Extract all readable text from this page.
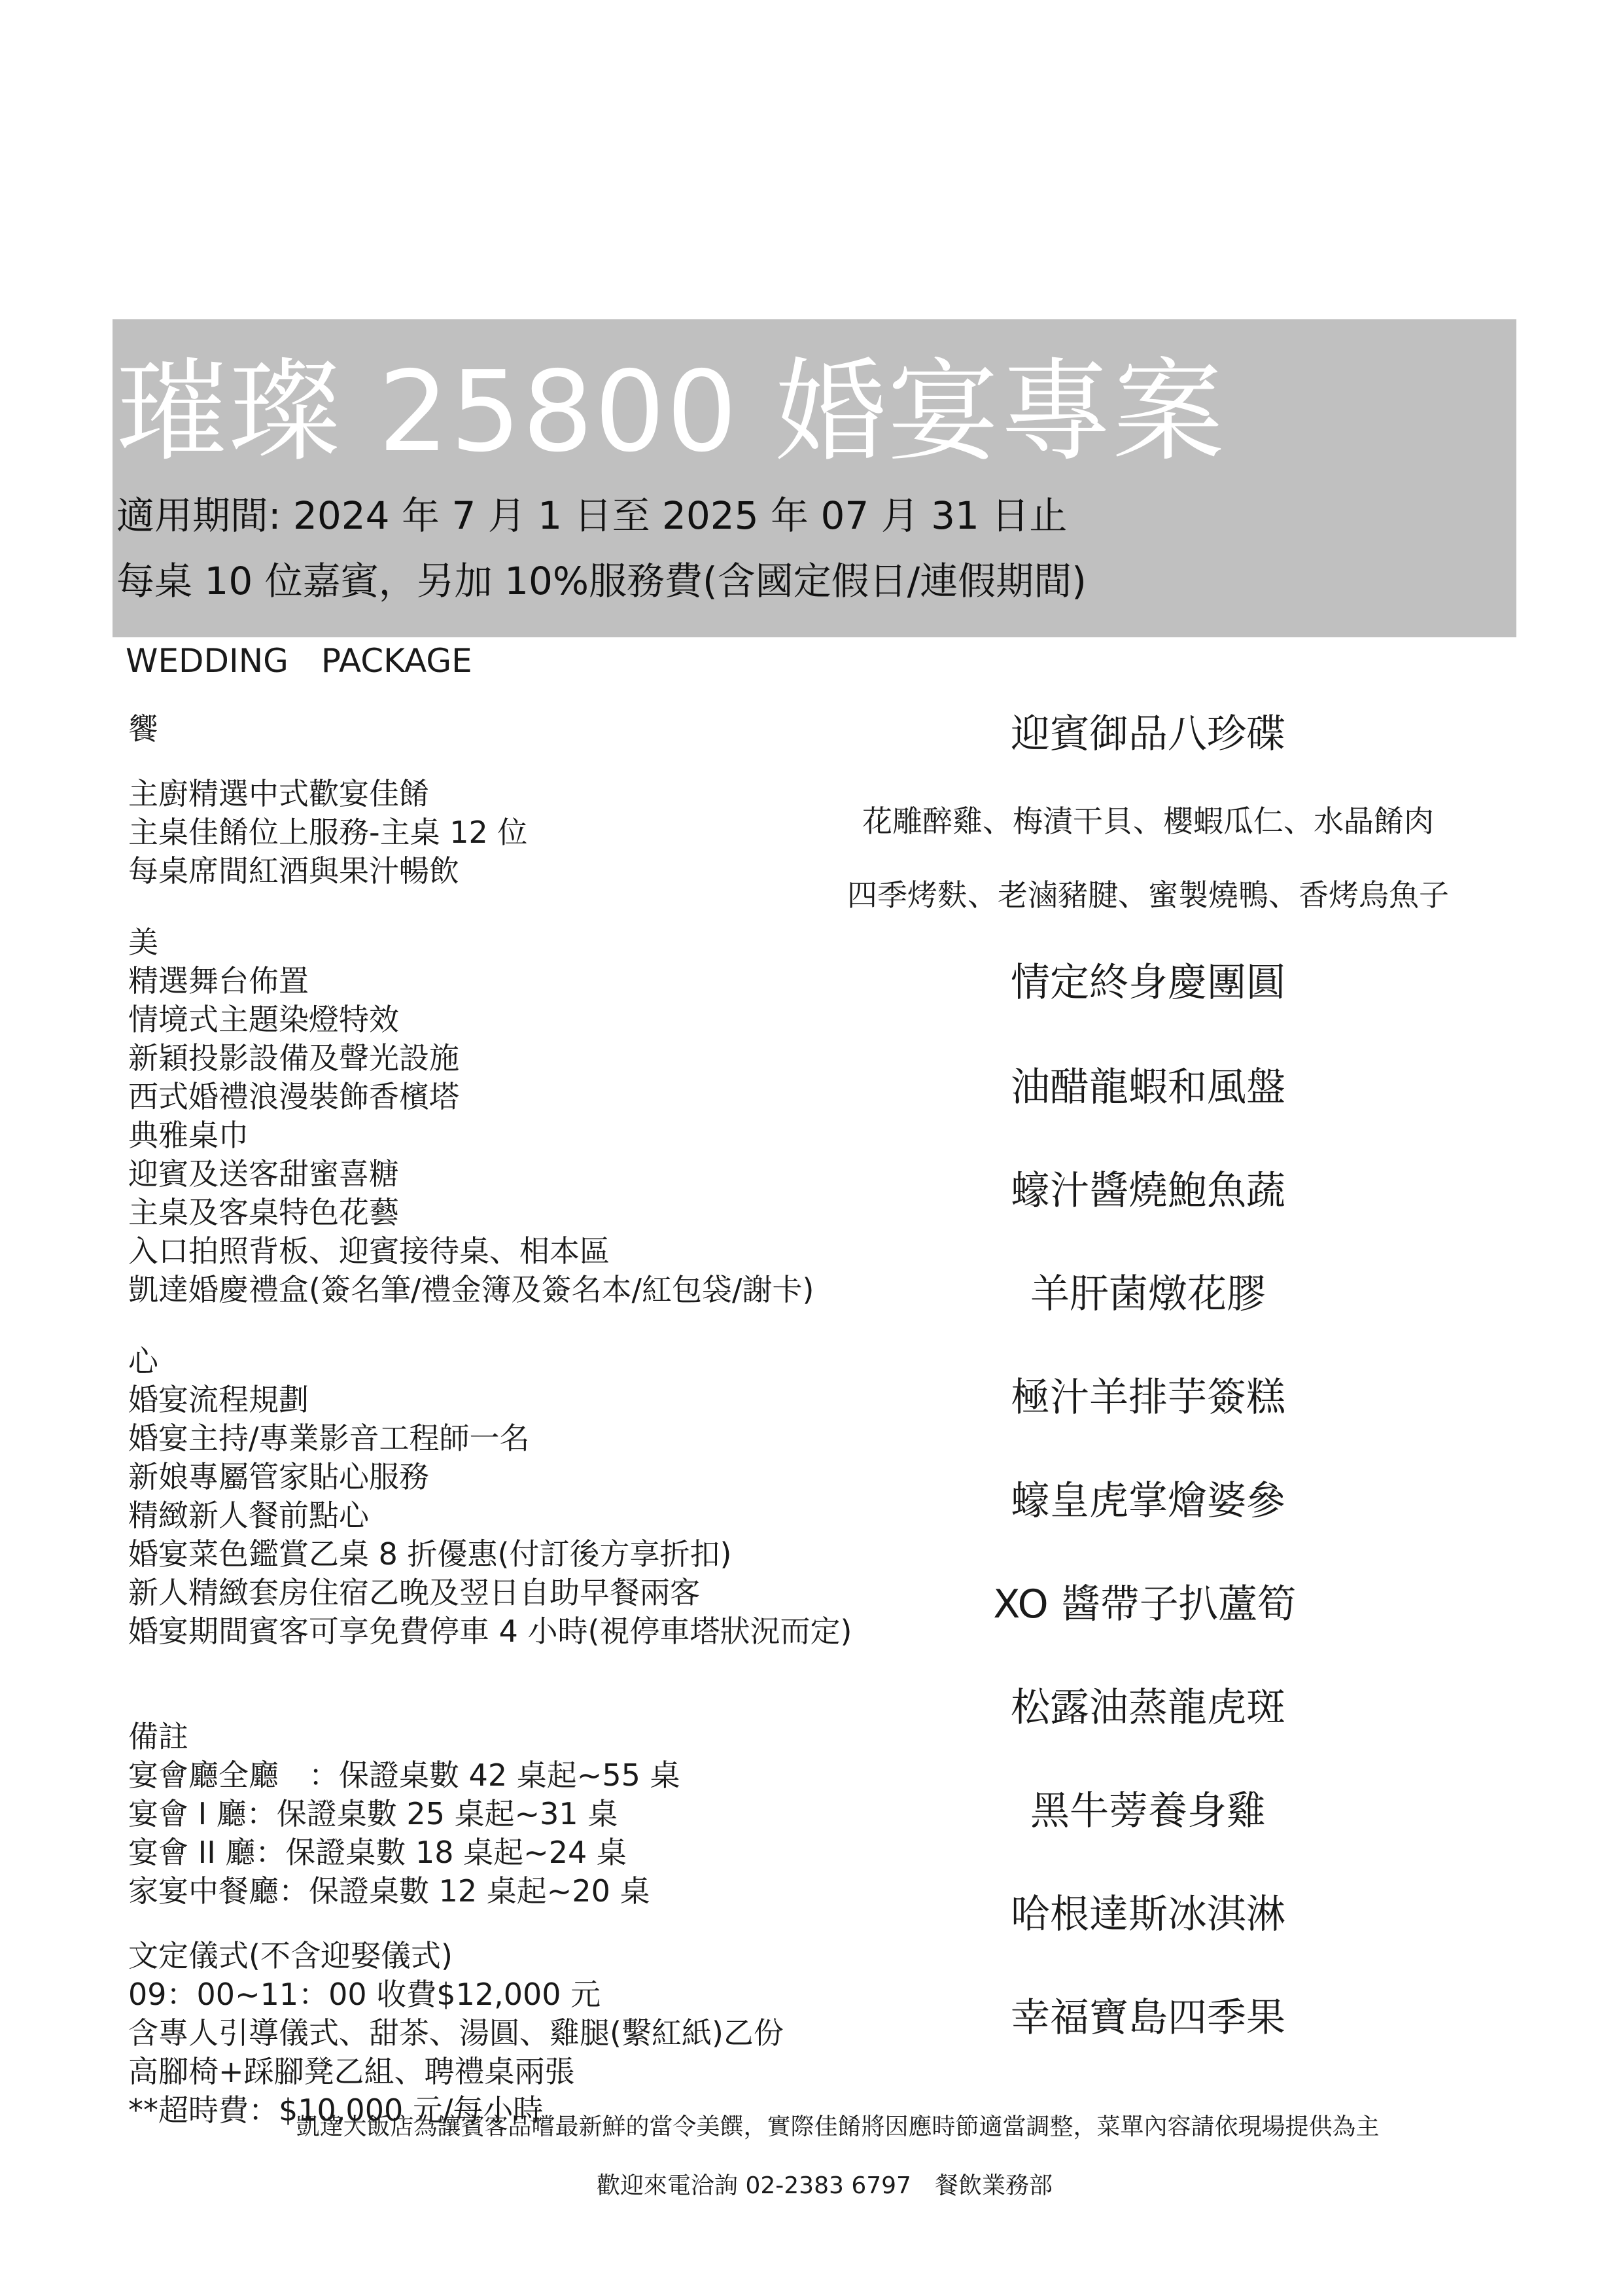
璀璨 25800 婚宴專案
適用期間: 2024 年 7 月 1 日至 2025 年 07 月 31 日止
每桌 10 位嘉賓，另加 10%服務費(含國定假日/連假期間)
WEDDING　PACKAGE
饗
主廚精選中式歡宴佳餚
主桌佳餚位上服務-主桌 12 位
每桌席間紅酒與果汁暢飲
美
精選舞台佈置
情境式主題染燈特效
新穎投影設備及聲光設施
西式婚禮浪漫裝飾香檳塔
典雅桌巾
迎賓及送客甜蜜喜糖
主桌及客桌特色花藝
入口拍照背板、迎賓接待桌、相本區
凱達婚慶禮盒(簽名筆/禮金簿及簽名本/紅包袋/謝卡)
心
婚宴流程規劃
婚宴主持/專業影音工程師一名
新娘專屬管家貼心服務
精緻新人餐前點心
婚宴菜色鑑賞乙桌 8 折優惠(付訂後方享折扣)
新人精緻套房住宿乙晚及翌日自助早餐兩客
婚宴期間賓客可享免費停車 4 小時(視停車塔狀況而定)
備註
宴會廳全廳　：保證桌數 42 桌起~55 桌
宴會 I 廳：保證桌數 25 桌起~31 桌
宴會 II 廳：保證桌數 18 桌起~24 桌
家宴中餐廳：保證桌數 12 桌起~20 桌
文定儀式(不含迎娶儀式)
09：00~11：00 收費$12,000 元
含專人引導儀式、甜茶、湯圓、雞腿(繫紅紙)乙份
高腳椅+踩腳凳乙組、聘禮桌兩張
**超時費：$10,000 元/每小時
迎賓御品八珍碟
花雕醉雞、梅漬干貝、櫻蝦瓜仁、水晶餚肉
四季烤麩、老滷豬腱、蜜製燒鴨、香烤烏魚子
情定終身慶團圓
油醋龍蝦和風盤
蠔汁醬燒鮑魚蔬
羊肝菌燉花膠
極汁羊排芋簽糕
蠔皇虎掌燴婆參
XO 醬帶子扒蘆筍
松露油蒸龍虎斑
黑牛蒡養身雞
哈根達斯冰淇淋
幸福寶島四季果
凱達大飯店為讓賓客品嚐最新鮮的當令美饌，實際佳餚將因應時節適當調整，菜單內容請依現場提供為主
歡迎來電洽詢 02-2383 6797　餐飲業務部
